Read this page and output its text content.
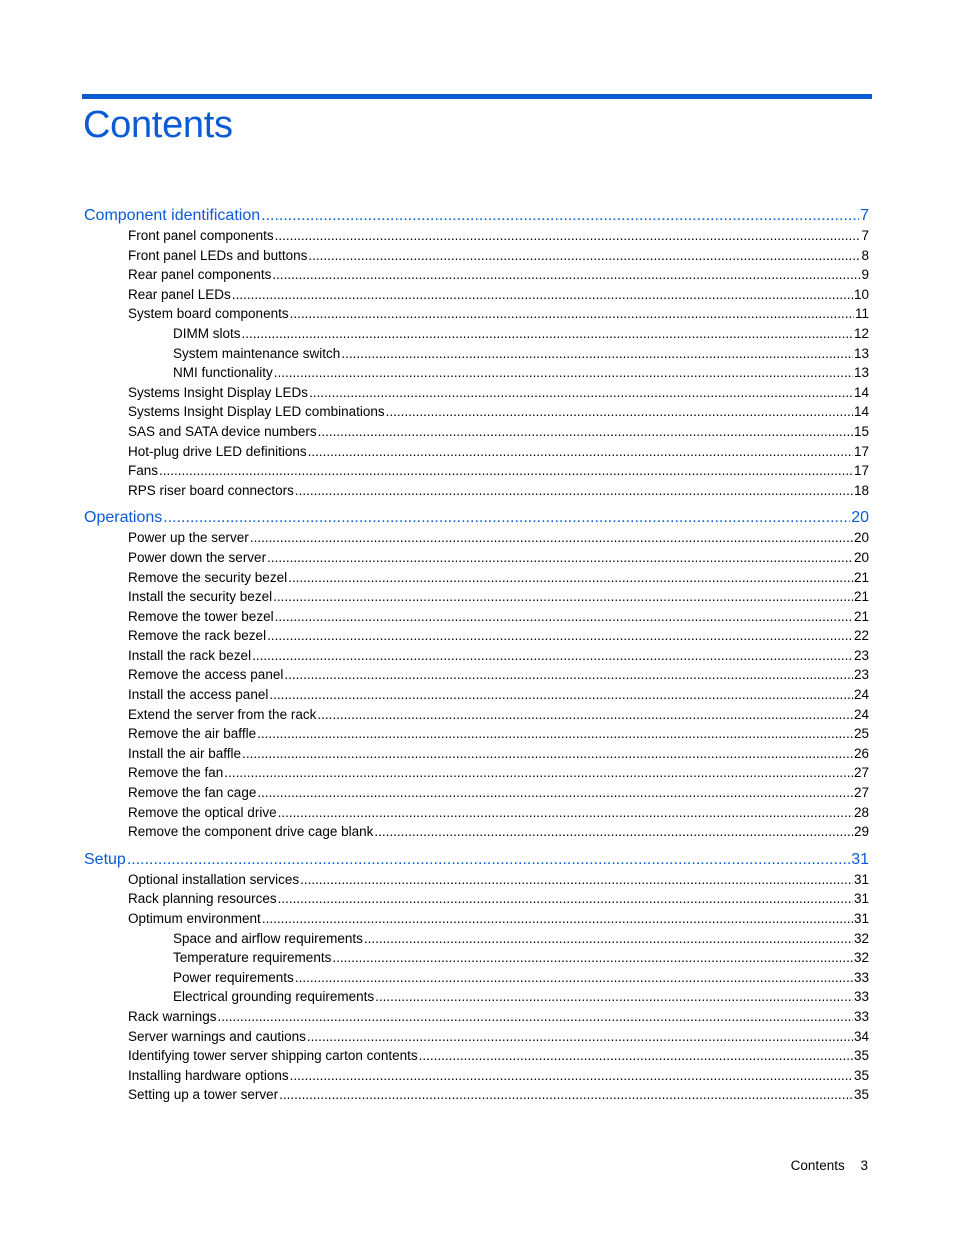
Contents
Component identification .....	7
Front panel components .....	7
Front panel LEDs and buttons .....	8
Rear panel components .....	9
Rear panel LEDs .....	10
System board components .....	11
DIMM slots .....	12
System maintenance switch .....	13
NMI functionality .....	13
Systems Insight Display LEDs .....	14
Systems Insight Display LED combinations .....	14
SAS and SATA device numbers .....	15
Hot-plug drive LED definitions .....	17
Fans .....	17
RPS riser board connectors .....	18
Operations .....	20
Power up the server .....	20
Power down the server .....	20
Remove the security bezel .....	21
Install the security bezel .....	21
Remove the tower bezel .....	21
Remove the rack bezel .....	22
Install the rack bezel .....	23
Remove the access panel .....	23
Install the access panel .....	24
Extend the server from the rack .....	24
Remove the air baffle .....	25
Install the air baffle .....	26
Remove the fan .....	27
Remove the fan cage .....	27
Remove the optical drive .....	28
Remove the component drive cage blank .....	29
Setup .....	31
Optional installation services .....	31
Rack planning resources .....	31
Optimum environment .....	31
Space and airflow requirements .....	32
Temperature requirements .....	32
Power requirements .....	33
Electrical grounding requirements .....	33
Rack warnings .....	33
Server warnings and cautions .....	34
Identifying tower server shipping carton contents .....	35
Installing hardware options .....	35
Setting up a tower server .....	35
Contents 3
